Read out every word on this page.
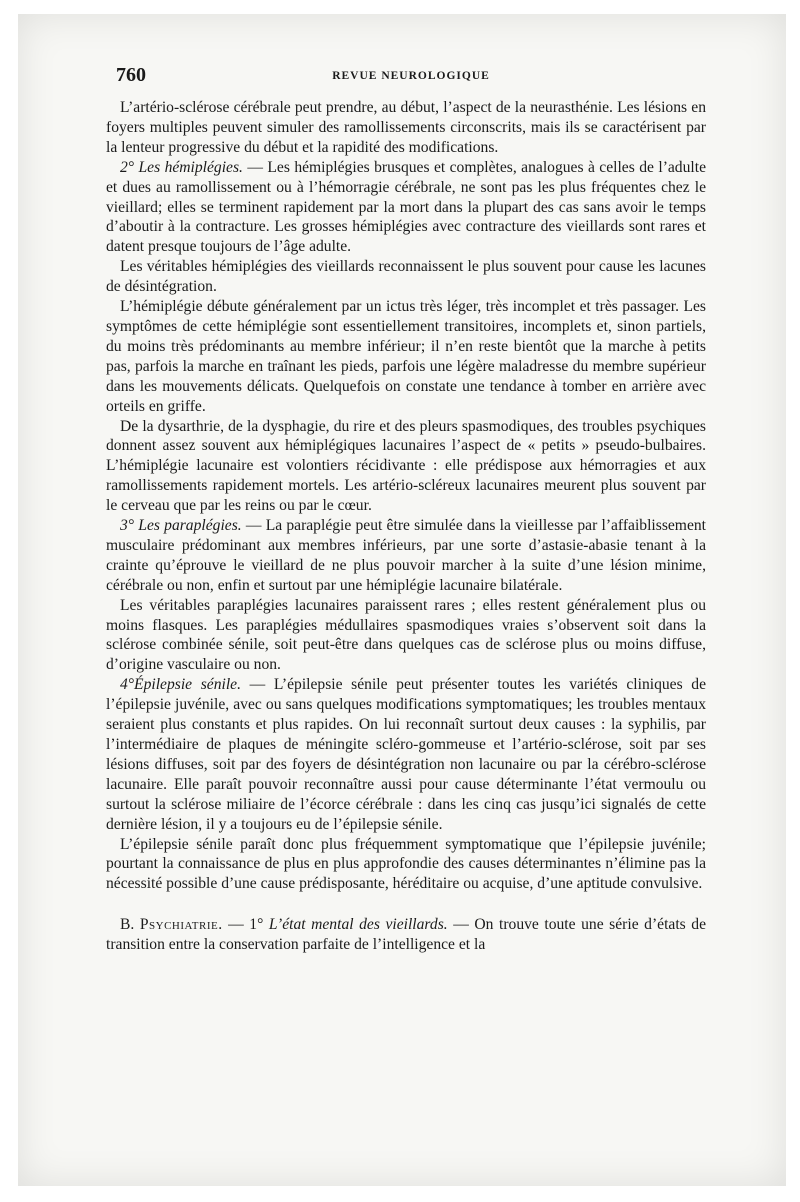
760	REVUE NEUROLOGIQUE

L’artério-sclérose cérébrale peut prendre, au début, l’aspect de la neurasthénie. Les lésions en foyers multiples peuvent simuler des ramollissements circonscrits, mais ils se caractérisent par la lenteur progressive du début et la rapidité des modifications.

2° Les hémiplégies. — Les hémiplégies brusques et complètes, analogues à celles de l’adulte et dues au ramollissement ou à l’hémorragie cérébrale, ne sont pas les plus fréquentes chez le vieillard; elles se terminent rapidement par la mort dans la plupart des cas sans avoir le temps d’aboutir à la contracture. Les grosses hémiplégies avec contracture des vieillards sont rares et datent presque toujours de l’âge adulte.

Les véritables hémiplégies des vieillards reconnaissent le plus souvent pour cause les lacunes de désintégration.

L’hémiplégie débute généralement par un ictus très léger, très incomplet et très passager. Les symptômes de cette hémiplégie sont essentiellement transitoires, incomplets et, sinon partiels, du moins très prédominants au membre inférieur; il n’en reste bientôt que la marche à petits pas, parfois la marche en traînant les pieds, parfois une légère maladresse du membre supérieur dans les mouvements délicats. Quelquefois on constate une tendance à tomber en arrière avec orteils en griffe.

De la dysarthrie, de la dysphagie, du rire et des pleurs spasmodiques, des troubles psychiques donnent assez souvent aux hémiplégiques lacunaires l’aspect de « petits » pseudo-bulbaires. L’hémiplégie lacunaire est volontiers récidivante : elle prédispose aux hémorragies et aux ramollissements rapidement mortels. Les artério-scléreux lacunaires meurent plus souvent par le cerveau que par les reins ou par le cœur.

3° Les paraplégies. — La paraplégie peut être simulée dans la vieillesse par l’affaiblissement musculaire prédominant aux membres inférieurs, par une sorte d’astasie-abasie tenant à la crainte qu’éprouve le vieillard de ne plus pouvoir marcher à la suite d’une lésion minime, cérébrale ou non, enfin et surtout par une hémiplégie lacunaire bilatérale.

Les véritables paraplégies lacunaires paraissent rares ; elles restent généralement plus ou moins flasques. Les paraplégies médullaires spasmodiques vraies s’observent soit dans la sclérose combinée sénile, soit peut-être dans quelques cas de sclérose plus ou moins diffuse, d’origine vasculaire ou non.

4°Épilepsie sénile. — L’épilepsie sénile peut présenter toutes les variétés cliniques de l’épilepsie juvénile, avec ou sans quelques modifications symptomatiques; les troubles mentaux seraient plus constants et plus rapides. On lui reconnaît surtout deux causes : la syphilis, par l’intermédiaire de plaques de méningite scléro-gommeuse et l’artério-sclérose, soit par ses lésions diffuses, soit par des foyers de désintégration non lacunaire ou par la cérébro-sclérose lacunaire. Elle paraît pouvoir reconnaître aussi pour cause déterminante l’état vermoulu ou surtout la sclérose miliaire de l’écorce cérébrale : dans les cinq cas jusqu’ici signalés de cette dernière lésion, il y a toujours eu de l’épilepsie sénile.

L’épilepsie sénile paraît donc plus fréquemment symptomatique que l’épilepsie juvénile; pourtant la connaissance de plus en plus approfondie des causes déterminantes n’élimine pas la nécessité possible d’une cause prédisposante, héréditaire ou acquise, d’une aptitude convulsive.

B. Psychiatrie. — 1° L’état mental des vieillards. — On trouve toute une série d’états de transition entre la conservation parfaite de l’intelligence et la
